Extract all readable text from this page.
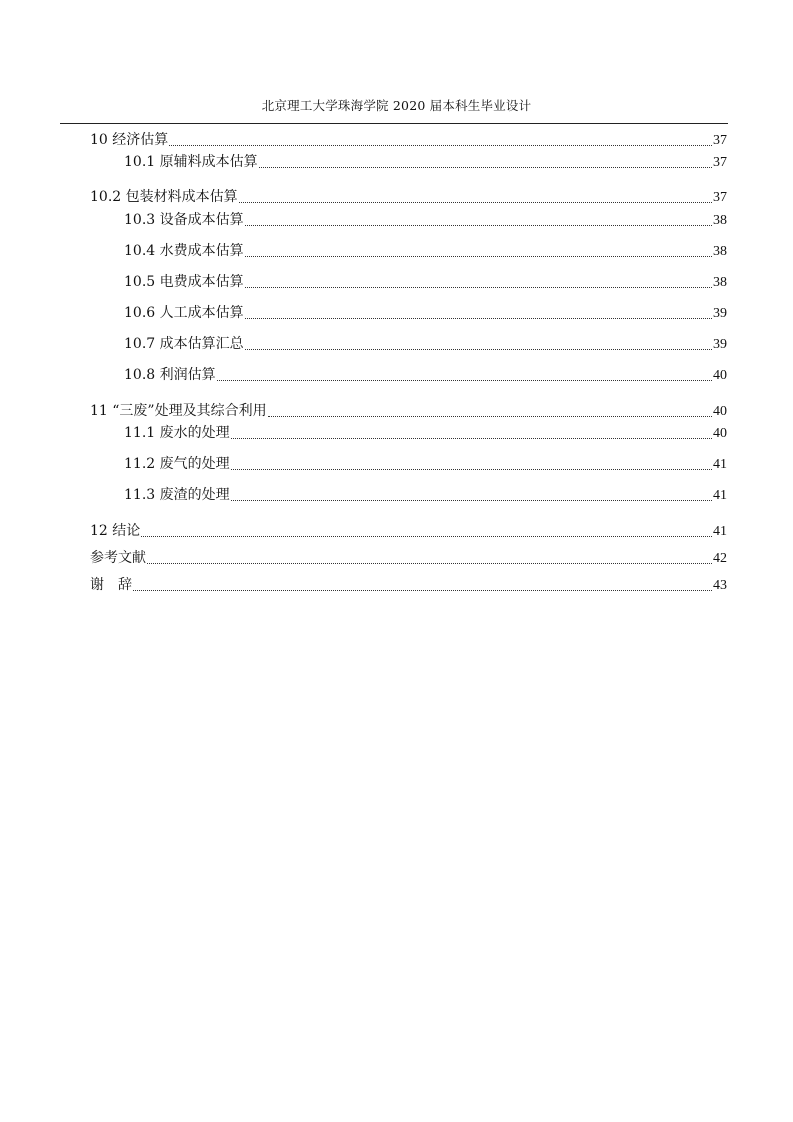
北京理工大学珠海学院 2020 届本科生毕业设计
10 经济估算	37
10.1 原辅料成本估算	37
10.2 包装材料成本估算	37
10.3 设备成本估算	38
10.4 水费成本估算	38
10.5 电费成本估算	38
10.6 人工成本估算	39
10.7 成本估算汇总	39
10.8 利润估算	40
11 “三废”处理及其综合利用	40
11.1 废水的处理	40
11.2 废气的处理	41
11.3 废渣的处理	41
12 结论	41
参考文献	42
谢　辞	43
